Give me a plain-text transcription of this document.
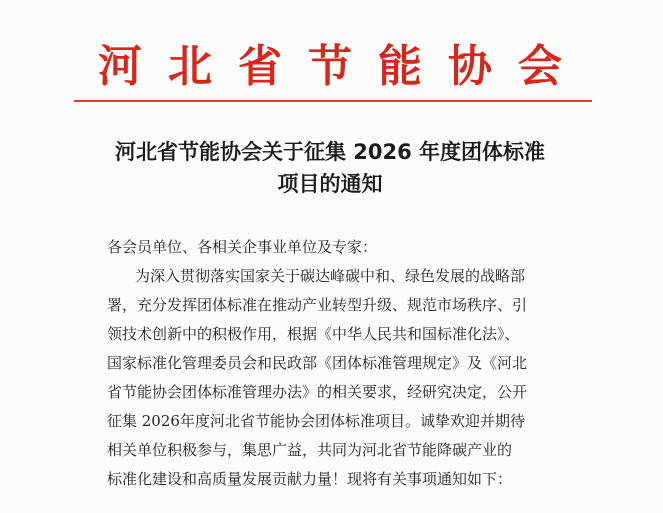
河北省节能协会
河北省节能协会关于征集 2026 年度团体标准
项目的通知
各会员单位、各相关企事业单位及专家：
为深入贯彻落实国家关于碳达峰碳中和、绿色发展的战略部
署，充分发挥团体标准在推动产业转型升级、规范市场秩序、引
领技术创新中的积极作用，根据《中华人民共和国标准化法》、
国家标准化管理委员会和民政部《团体标准管理规定》及《河北
省节能协会团体标准管理办法》的相关要求，经研究决定，公开
征集 2026年度河北省节能协会团体标准项目。诚挚欢迎并期待
相关单位积极参与，集思广益，共同为河北省节能降碳产业的
标准化建设和高质量发展贡献力量！现将有关事项通知如下：
